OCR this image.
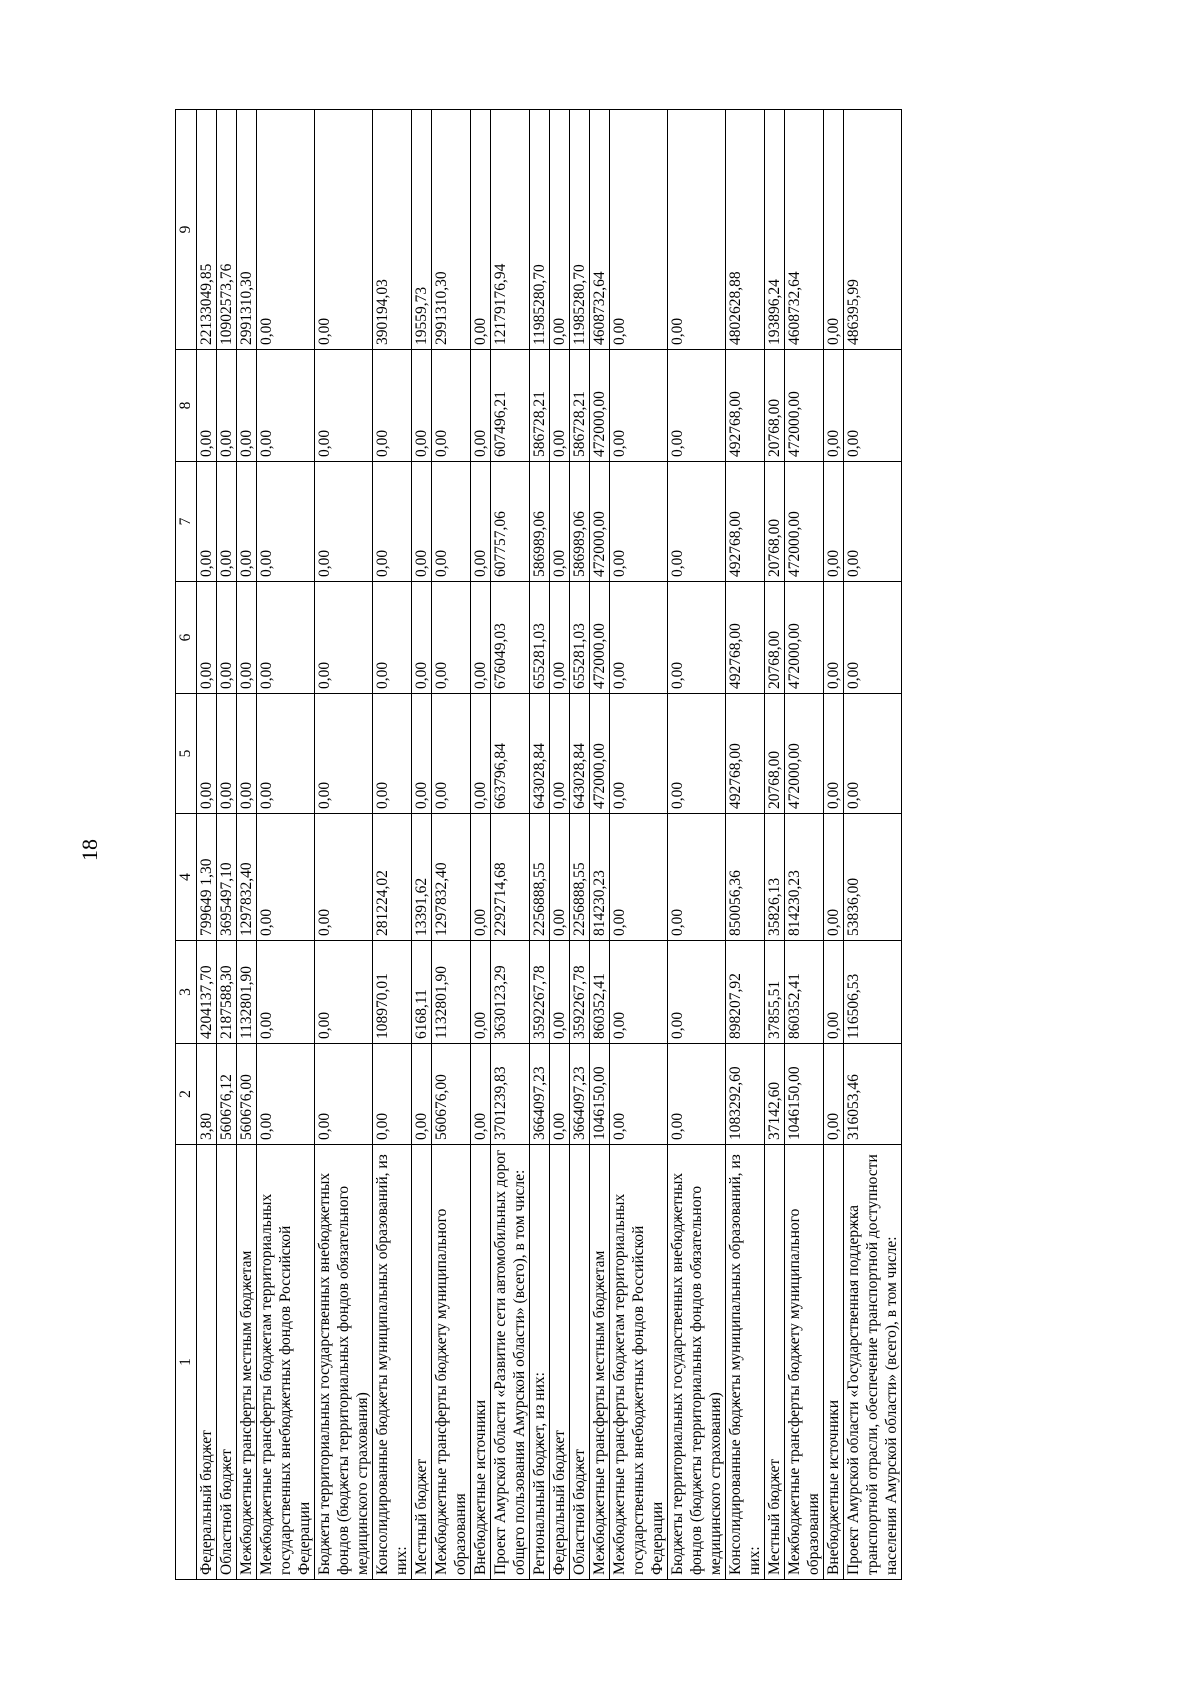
18
1	2	3	4	5	6	7	8	9
Федеральный бюджет	3,80	4204137,70	799649 1,30	0,00	0,00	0,00	0,00	22133049,85
Областной бюджет	560676,12	2187588,30	3695497,10	0,00	0,00	0,00	0,00	10902573,76
Межбюджетные трансферты местным бюджетам	560676,00	1132801,90	1297832,40	0,00	0,00	0,00	0,00	2991310,30
Межбюджетные трансферты бюджетам территориальных государственных внебюджетных фондов Российской Федерации	0,00	0,00	0,00	0,00	0,00	0,00	0,00	0,00
Бюджеты территориальных государственных внебюджетных фондов (бюджеты территориальных фондов обязательного медицинского страхования)	0,00	0,00	0,00	0,00	0,00	0,00	0,00	0,00
Консолидированные бюджеты муниципальных образований, из них:	0,00	108970,01	281224,02	0,00	0,00	0,00	0,00	390194,03
Местный бюджет	0,00	6168,11	13391,62	0,00	0,00	0,00	0,00	19559,73
Межбюджетные трансферты бюджету муниципального образования	560676,00	1132801,90	1297832,40	0,00	0,00	0,00	0,00	2991310,30
Внебюджетные источники	0,00	0,00	0,00	0,00	0,00	0,00	0,00	0,00
Проект Амурской области «Развитие сети автомобильных дорог общего пользования Амурской области» (всего), в том числе:	3701239,83	3630123,29	2292714,68	663796,84	676049,03	607757,06	607496,21	12179176,94
Региональный бюджет, из них:	3664097,23	3592267,78	2256888,55	643028,84	655281,03	586989,06	586728,21	11985280,70
Федеральный бюджет	0,00	0,00	0,00	0,00	0,00	0,00	0,00	0,00
Областной бюджет	3664097,23	3592267,78	2256888,55	643028,84	655281,03	586989,06	586728,21	11985280,70
Межбюджетные трансферты местным бюджетам	1046150,00	860352,41	814230,23	472000,00	472000,00	472000,00	472000,00	4608732,64
Межбюджетные трансферты бюджетам территориальных государственных внебюджетных фондов Российской Федерации	0,00	0,00	0,00	0,00	0,00	0,00	0,00	0,00
Бюджеты территориальных государственных внебюджетных фондов (бюджеты территориальных фондов обязательного медицинского страхования)	0,00	0,00	0,00	0,00	0,00	0,00	0,00	0,00
Консолидированные бюджеты муниципальных образований, из них:	1083292,60	898207,92	850056,36	492768,00	492768,00	492768,00	492768,00	4802628,88
Местный бюджет	37142,60	37855,51	35826,13	20768,00	20768,00	20768,00	20768,00	193896,24
Межбюджетные трансферты бюджету муниципального образования	1046150,00	860352,41	814230,23	472000,00	472000,00	472000,00	472000,00	4608732,64
Внебюджетные источники	0,00	0,00	0,00	0,00	0,00	0,00	0,00	0,00
Проект Амурской области «Государственная поддержка транспортной отрасли, обеспечение транспортной доступности населения Амурской области» (всего), в том числе:	316053,46	116506,53	53836,00	0,00	0,00	0,00	0,00	486395,99
